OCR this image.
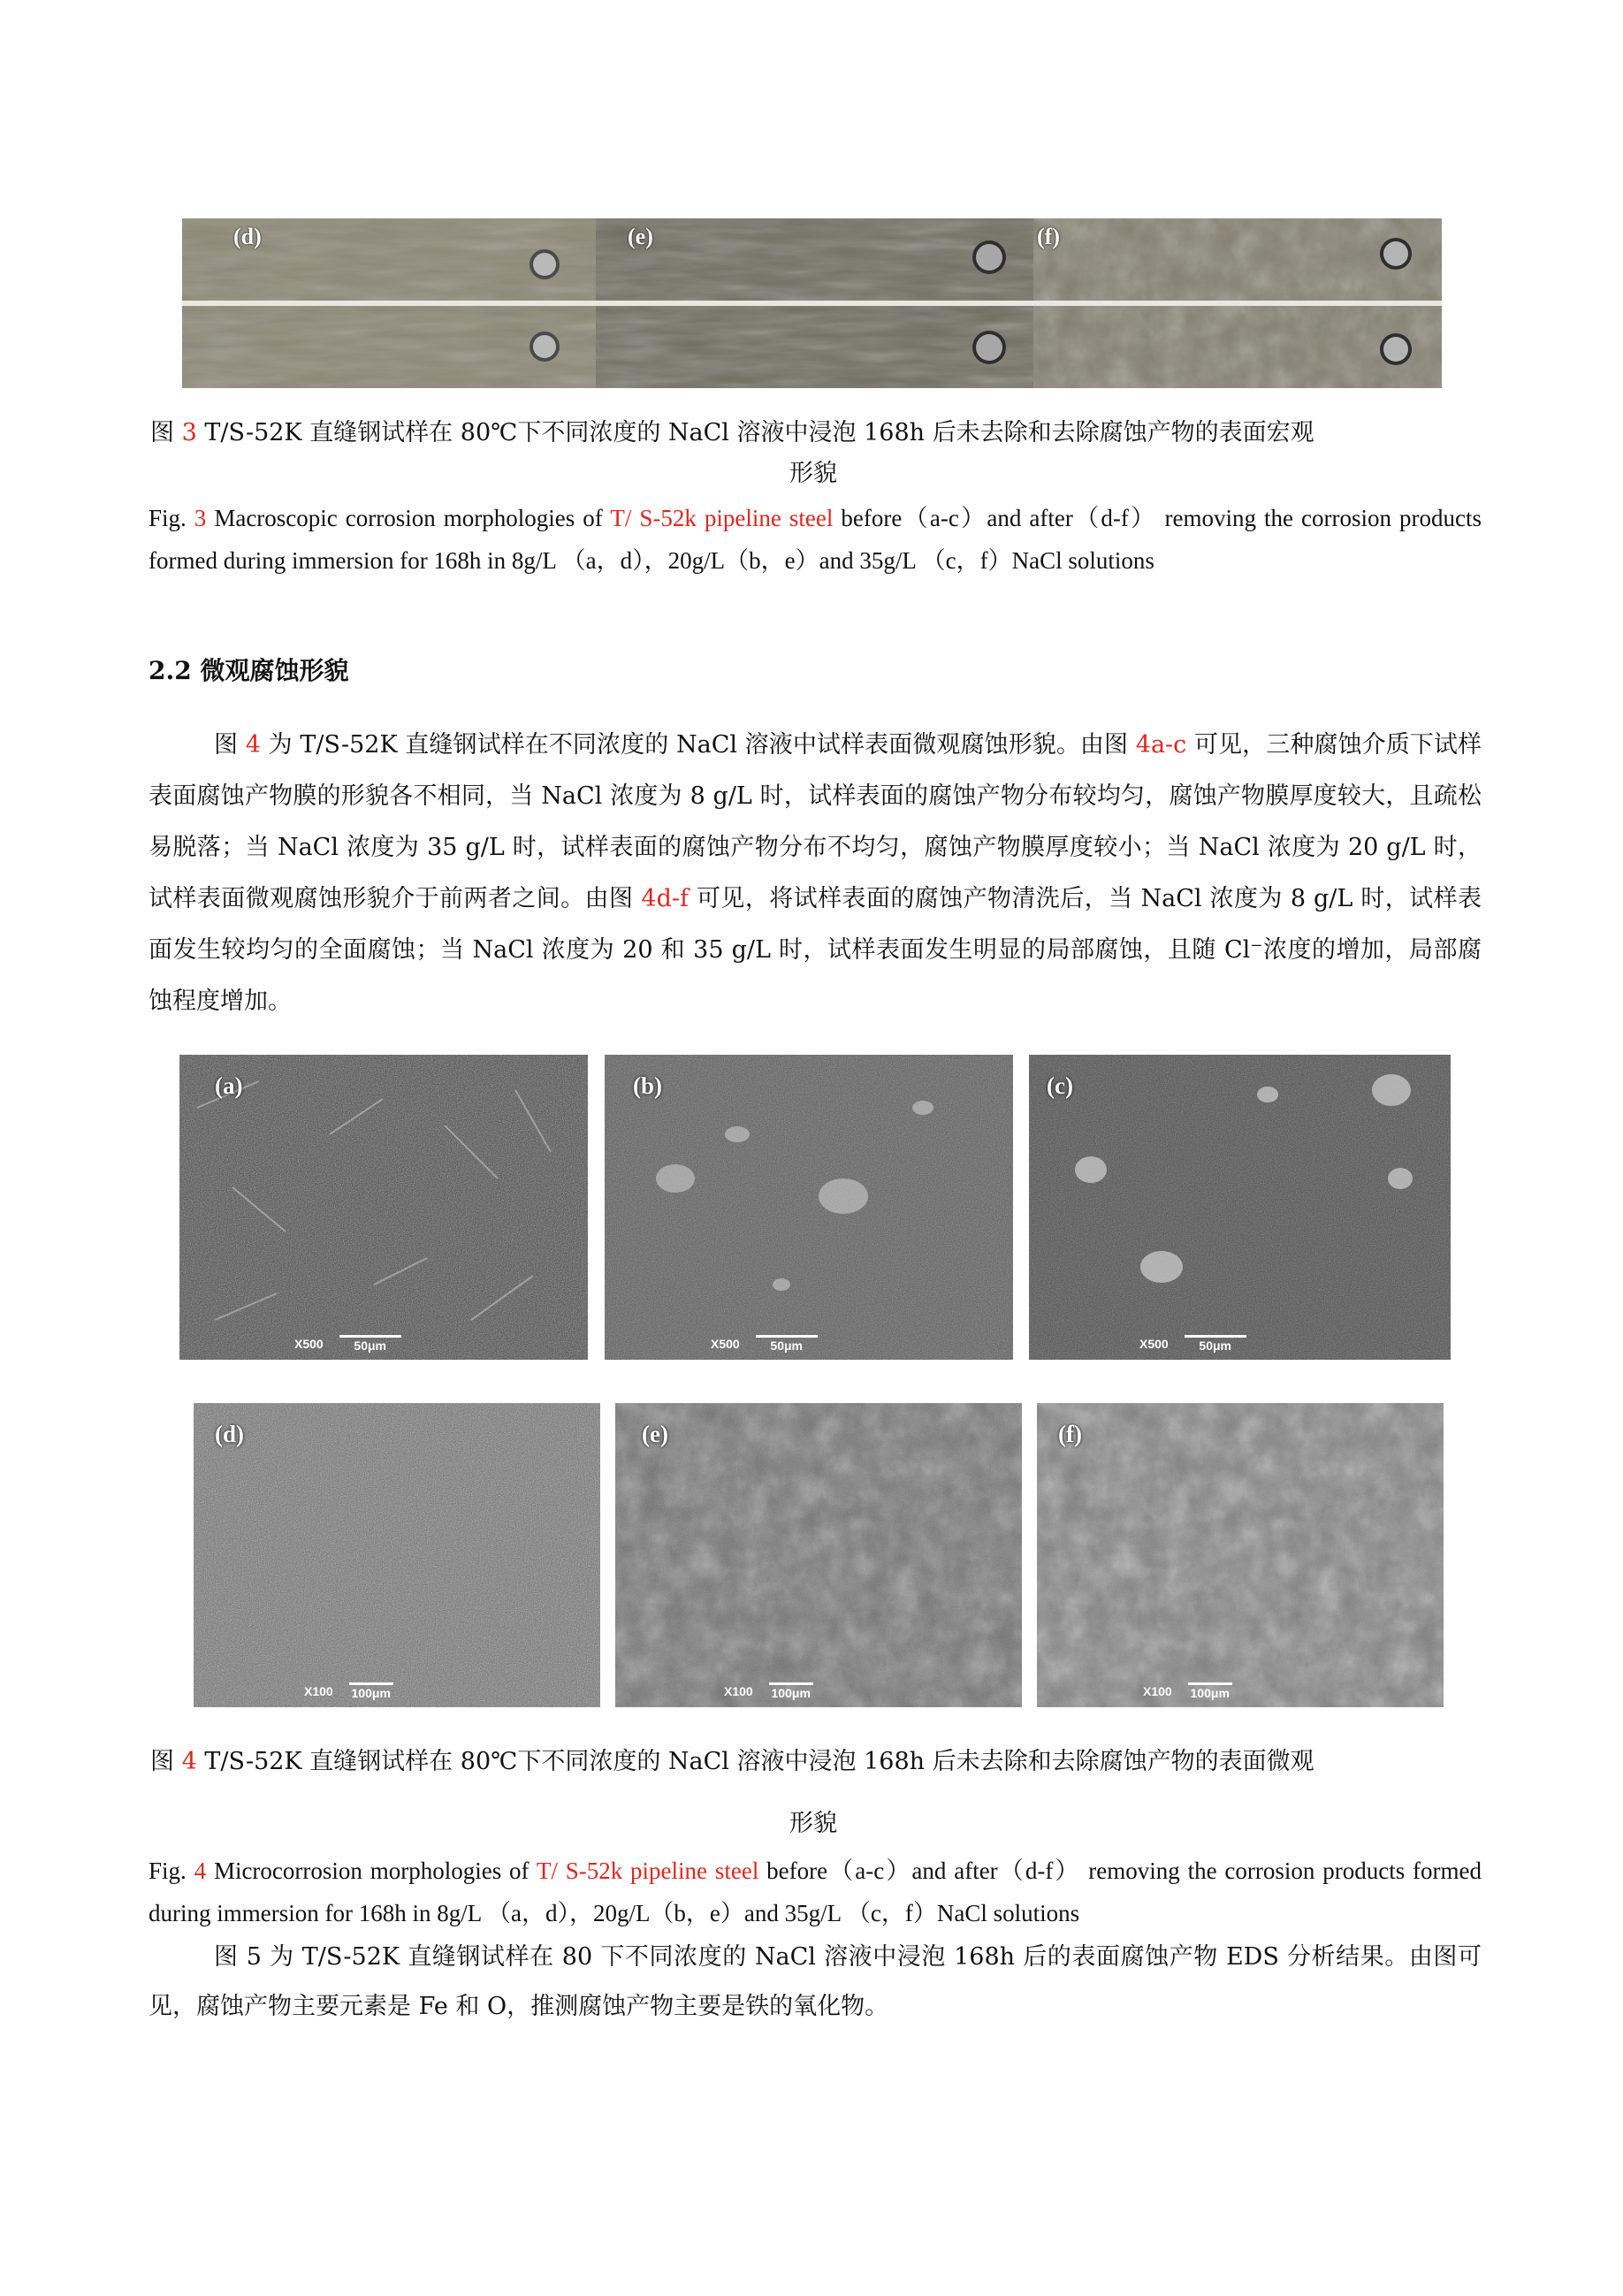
(d)	(e)	(f)
图 3 T/S-52K 直缝钢试样在 80℃下不同浓度的 NaCl 溶液中浸泡 168h 后未去除和去除腐蚀产物的表面宏观
形貌
Fig. 3 Macroscopic corrosion morphologies of T/ S-52k pipeline steel before（a-c）and after（d-f） removing the corrosion products formed during immersion for 168h in 8g/L （a，d），20g/L（b，e）and 35g/L （c，f）NaCl solutions
2.2 微观腐蚀形貌
图 4 为 T/S-52K 直缝钢试样在不同浓度的 NaCl 溶液中试样表面微观腐蚀形貌。由图 4a-c 可见，三种腐蚀介质下试样表面腐蚀产物膜的形貌各不相同，当 NaCl 浓度为 8 g/L 时，试样表面的腐蚀产物分布较均匀，腐蚀产物膜厚度较大，且疏松易脱落；当 NaCl 浓度为 35 g/L 时，试样表面的腐蚀产物分布不均匀，腐蚀产物膜厚度较小；当 NaCl 浓度为 20 g/L 时，试样表面微观腐蚀形貌介于前两者之间。由图 4d-f 可见，将试样表面的腐蚀产物清洗后，当 NaCl 浓度为 8 g/L 时，试样表面发生较均匀的全面腐蚀；当 NaCl 浓度为 20 和 35 g/L 时，试样表面发生明显的局部腐蚀，且随 Cl⁻浓度的增加，局部腐蚀程度增加。
(a)
X500 50μm
(b)
X500 50μm
(c)
X500 50μm
(d)
X100 100μm
(e)
X100 100μm
(f)
X100 100μm
图 4 T/S-52K 直缝钢试样在 80℃下不同浓度的 NaCl 溶液中浸泡 168h 后未去除和去除腐蚀产物的表面微观
形貌
Fig. 4 Microcorrosion morphologies of T/ S-52k pipeline steel before（a-c）and after（d-f） removing the corrosion products formed during immersion for 168h in 8g/L （a，d），20g/L（b，e）and 35g/L （c，f）NaCl solutions
图 5 为 T/S-52K 直缝钢试样在 80 下不同浓度的 NaCl 溶液中浸泡 168h 后的表面腐蚀产物 EDS 分析结果。由图可见，腐蚀产物主要元素是 Fe 和 O，推测腐蚀产物主要是铁的氧化物。
